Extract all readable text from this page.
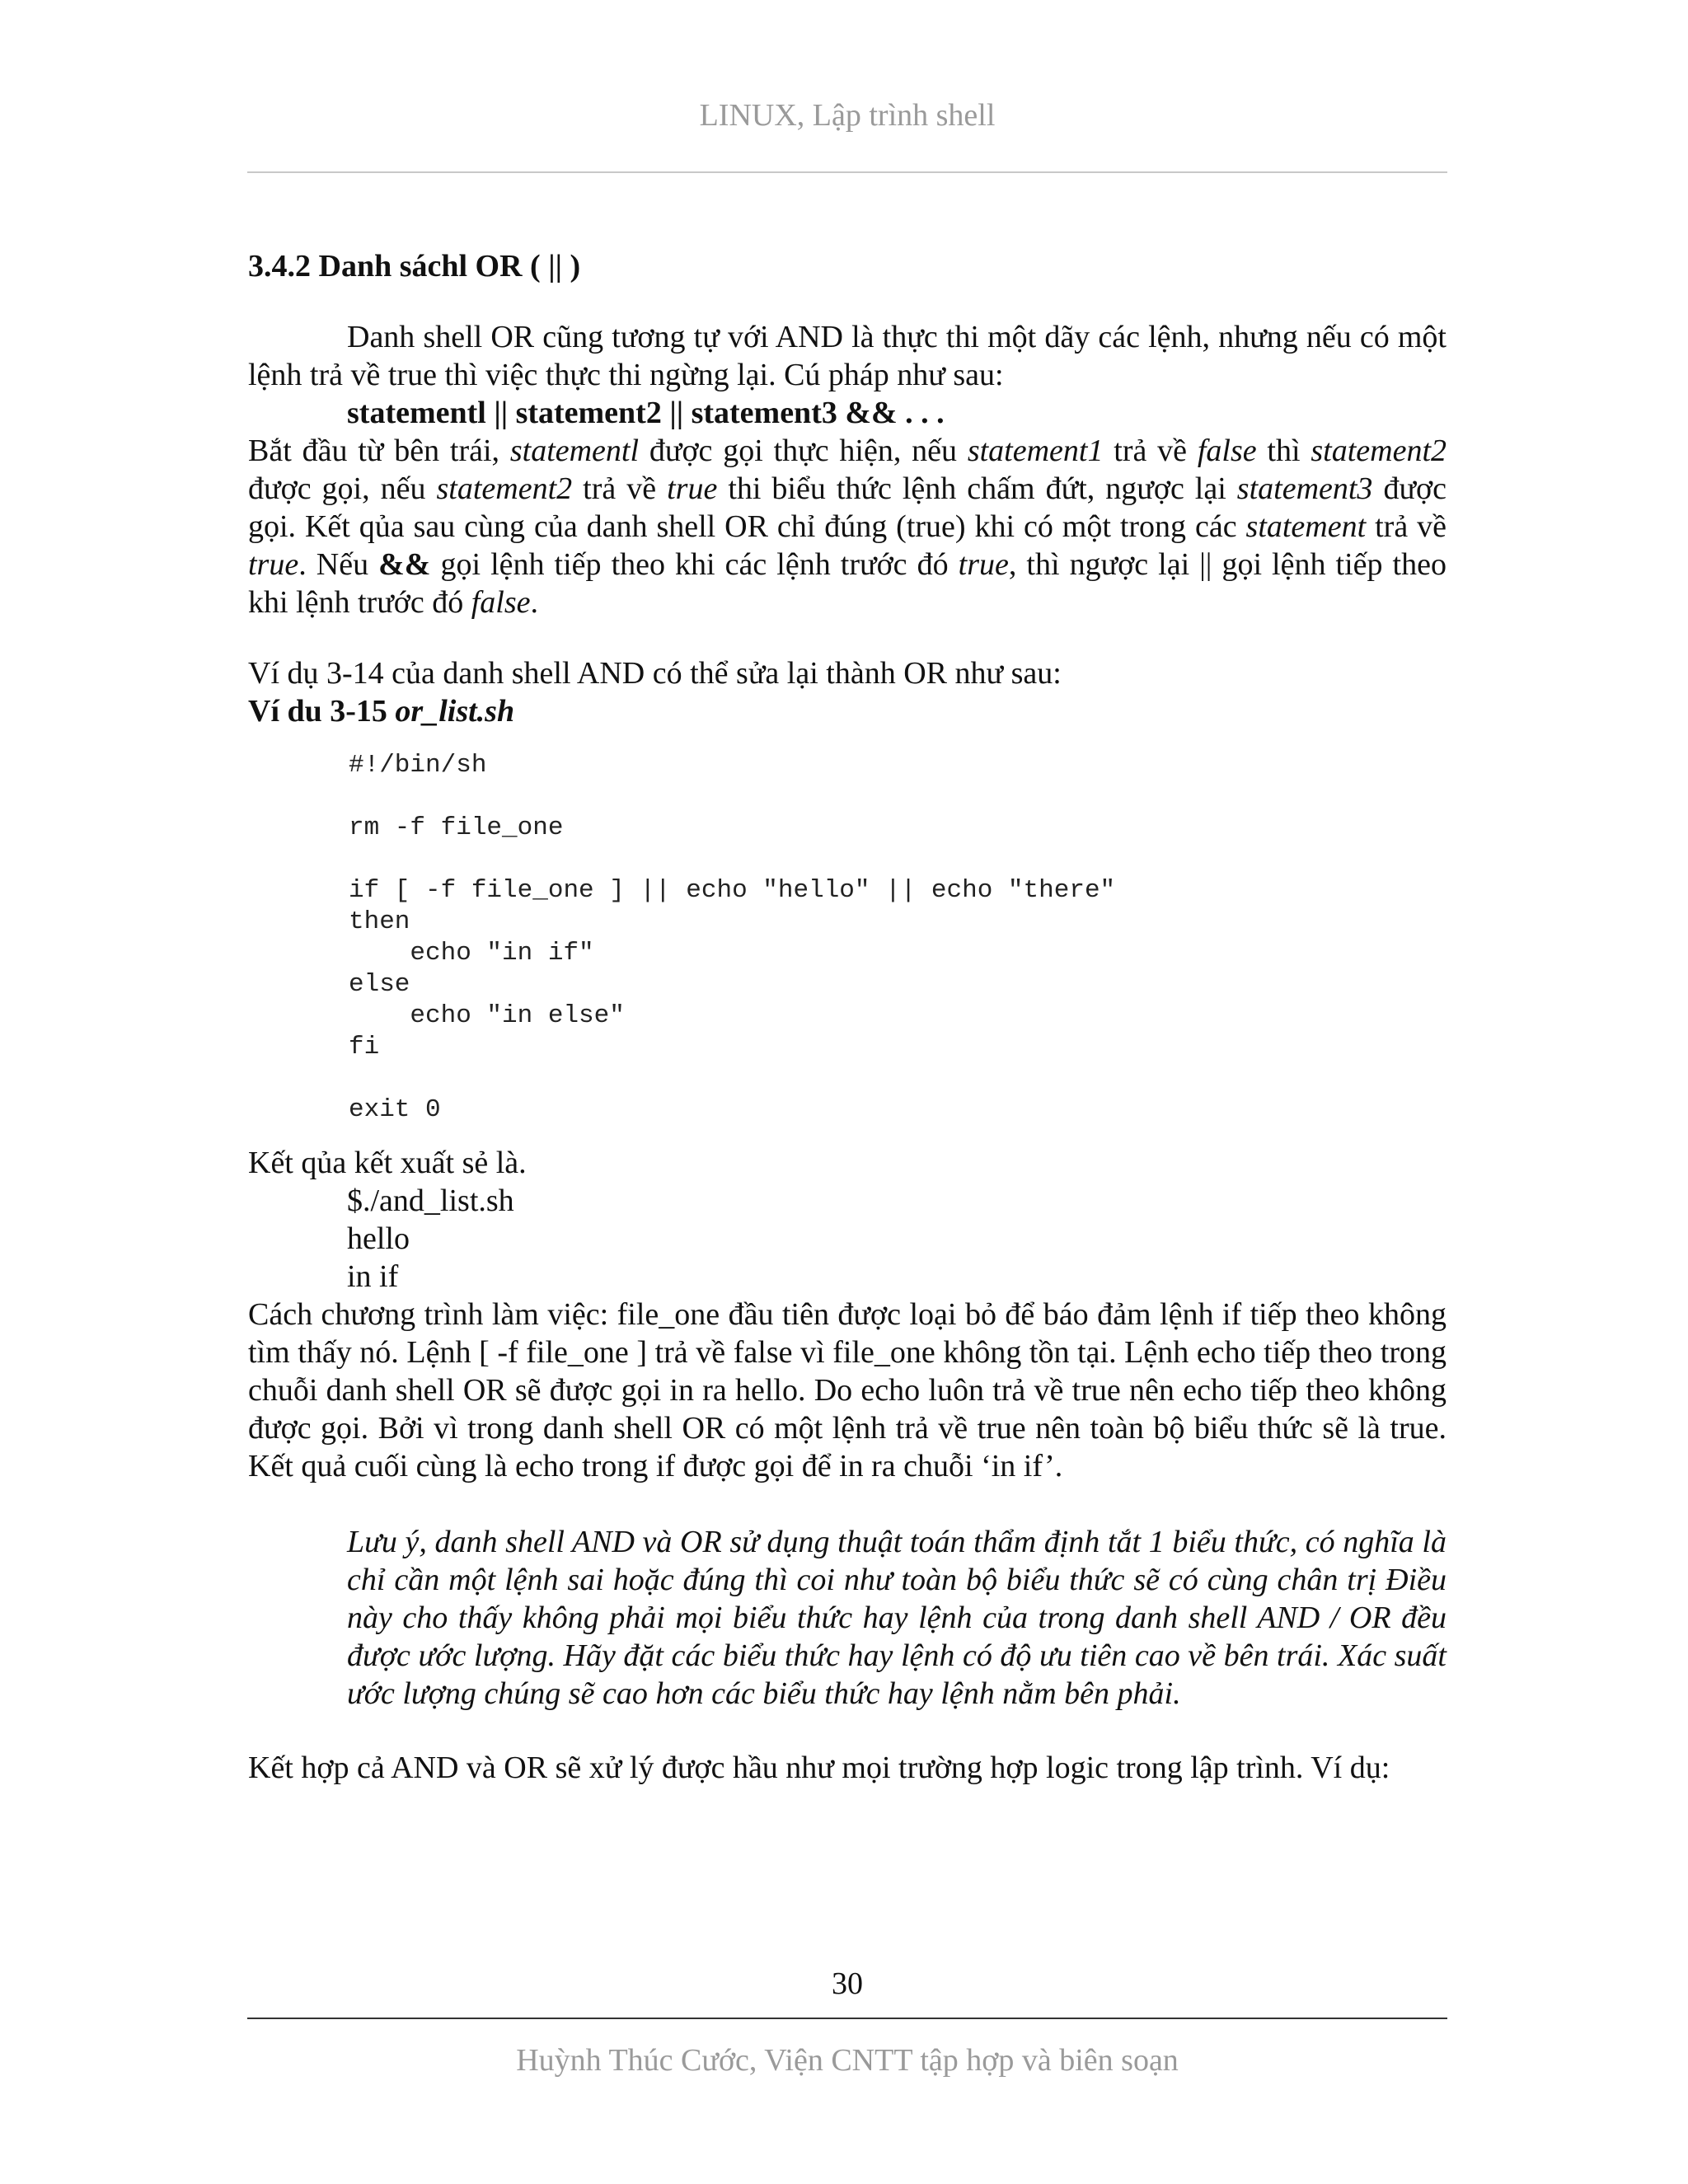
LINUX, Lập trình shell
3.4.2 Danh sáchl OR ( || )

Danh shell OR cũng tương tự với AND là thực thi một dãy các lệnh, nhưng nếu có một lệnh trả về true thì việc thực thi ngừng lại. Cú pháp như sau:

statementl || statement2 || statement3 && . . .

Bắt đầu từ bên trái, statementl được gọi thực hiện, nếu statement1 trả về false thì statement2 được gọi, nếu statement2 trả về true thi biểu thức lệnh chấm đứt, ngược lại statement3 được gọi. Kết qủa sau cùng của danh shell OR chỉ đúng (true) khi có một trong các statement trả về true. Nếu && gọi lệnh tiếp theo khi các lệnh trước đó true, thì ngược lại || gọi lệnh tiếp theo khi lệnh trước đó false.

Ví dụ 3-14 của danh shell AND có thể sửa lại thành OR như sau:

Ví du 3-15 or_list.sh
#!/bin/sh

rm -f file_one

if [ -f file_one ] || echo "hello" || echo "there"
then
echo "in if"
else
echo "in else"
fi

exit 0

Kết qủa kết xuất sẻ là.

$./and_list.sh
hello
in if

Cách chương trình làm việc: file_one đầu tiên được loại bỏ để báo đảm lệnh if tiếp theo không tìm thấy nó. Lệnh [ -f file_one ] trả về false vì file_one không tồn tại. Lệnh echo tiếp theo trong chuỗi danh shell OR sẽ được gọi in ra hello. Do echo luôn trả về true nên echo tiếp theo không được gọi. Bởi vì trong danh shell OR có một lệnh trả về true nên toàn bộ biểu thức sẽ là true. Kết quả cuối cùng là echo trong if được gọi để in ra chuỗi ‘in if’.

Lưu ý, danh shell AND và OR sử dụng thuật toán thẩm định tắt 1 biểu thức, có nghĩa là chỉ cần một lệnh sai hoặc đúng thì coi như toàn bộ biểu thức sẽ có cùng chân trị Điều này cho thấy không phải mọi biểu thức hay lệnh của trong danh shell AND / OR đều được ước lượng. Hãy đặt các biểu thức hay lệnh có độ ưu tiên cao về bên trái. Xác suất ước lượng chúng sẽ cao hơn các biểu thức hay lệnh nằm bên phải.

Kết hợp cả AND và OR sẽ xử lý được hầu như mọi trường hợp logic trong lập trình. Ví dụ:

30
Huỳnh Thúc Cước, Viện CNTT tập hợp và biên soạn
